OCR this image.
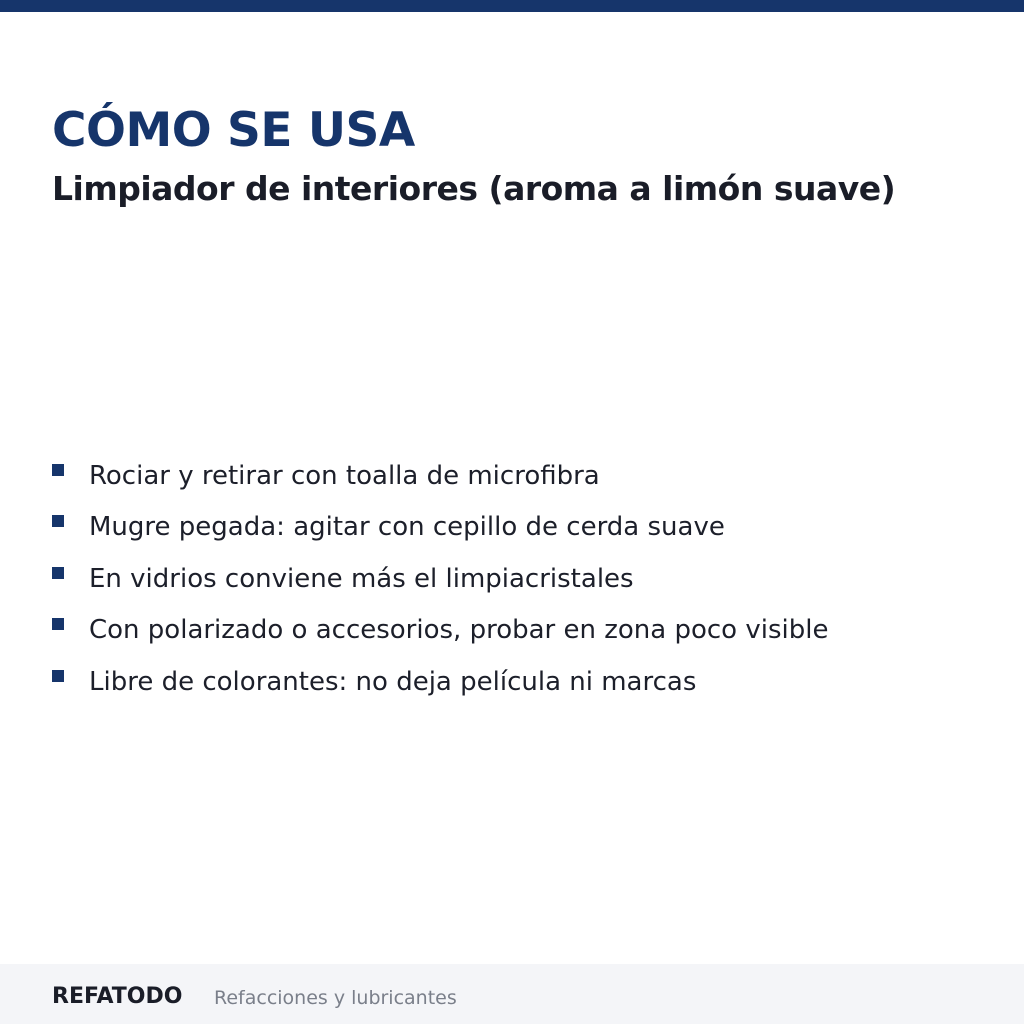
CÓMO SE USA
Limpiador de interiores (aroma a limón suave)
Rociar y retirar con toalla de microfibra
Mugre pegada: agitar con cepillo de cerda suave
En vidrios conviene más el limpiacristales
Con polarizado o accesorios, probar en zona poco visible
Libre de colorantes: no deja película ni marcas
REFATODO Refacciones y lubricantes
